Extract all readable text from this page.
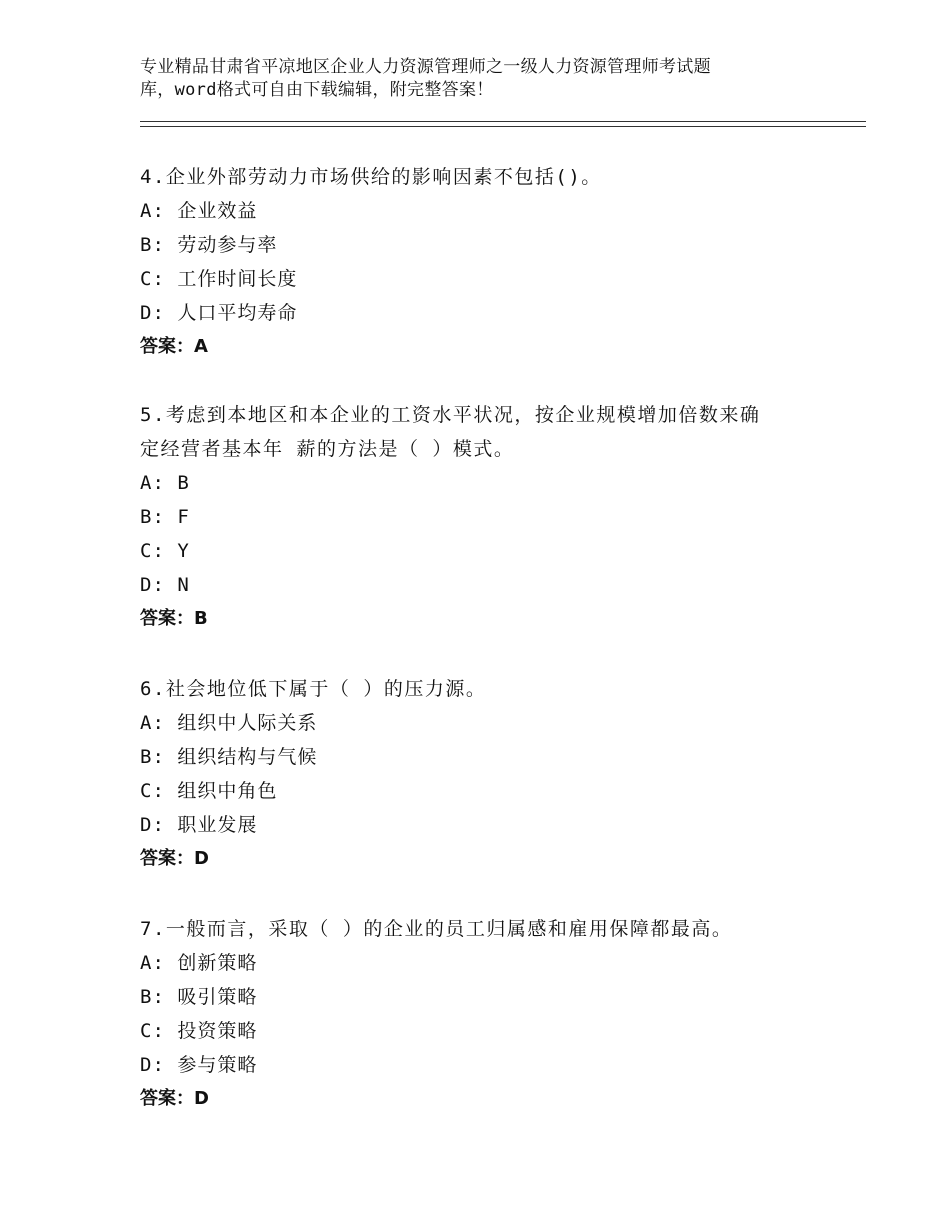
专业精品甘肃省平凉地区企业人力资源管理师之一级人力资源管理师考试题
库，word格式可自由下载编辑，附完整答案！
4.企业外部劳动力市场供给的影响因素不包括()。
A: 企业效益
B: 劳动参与率
C: 工作时间长度
D: 人口平均寿命
答案：A
5.考虑到本地区和本企业的工资水平状况，按企业规模增加倍数来确
定经营者基本年 薪的方法是（ ）模式。
A: B
B: F
C: Y
D: N
答案：B
6.社会地位低下属于（ ）的压力源。
A: 组织中人际关系
B: 组织结构与气候
C: 组织中角色
D: 职业发展
答案：D
7.一般而言，采取（ ）的企业的员工归属感和雇用保障都最高。
A: 创新策略
B: 吸引策略
C: 投资策略
D: 参与策略
答案：D
